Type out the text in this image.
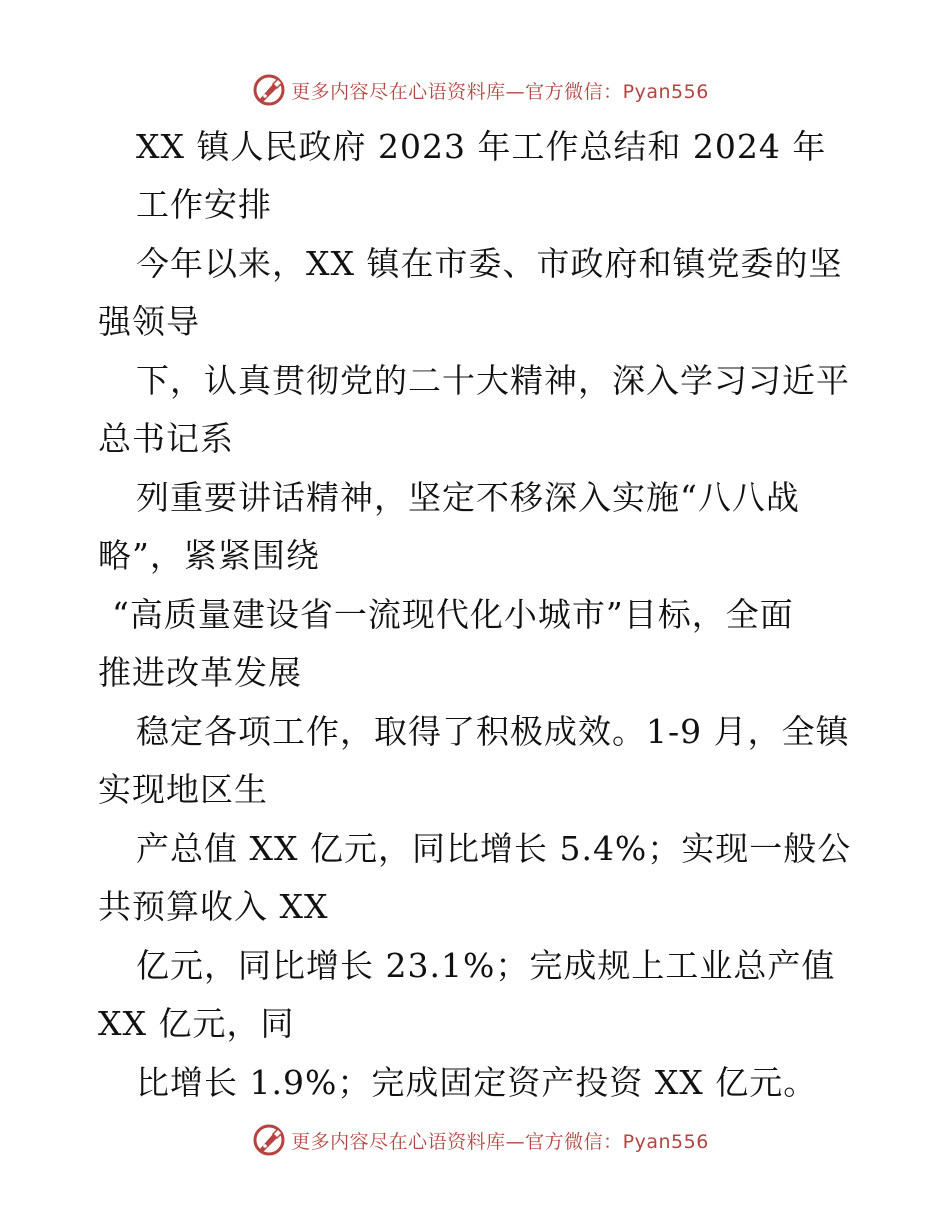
更多内容尽在心语资料库—官方微信：Pyan556
XX 镇人民政府 2023 年工作总结和 2024 年
工作安排
今年以来，XX 镇在市委、市政府和镇党委的坚
强领导
下，认真贯彻党的二十大精神，深入学习习近平
总书记系
列重要讲话精神，坚定不移深入实施“八八战
略”，紧紧围绕
“高质量建设省一流现代化小城市”目标，全面
推进改革发展
稳定各项工作，取得了积极成效。1-9 月，全镇
实现地区生
产总值 XX 亿元，同比增长 5.4%；实现一般公
共预算收入 XX
亿元，同比增长 23.1%；完成规上工业总产值
XX 亿元，同
比增长 1.9%；完成固定资产投资 XX 亿元。
更多内容尽在心语资料库—官方微信：Pyan556
